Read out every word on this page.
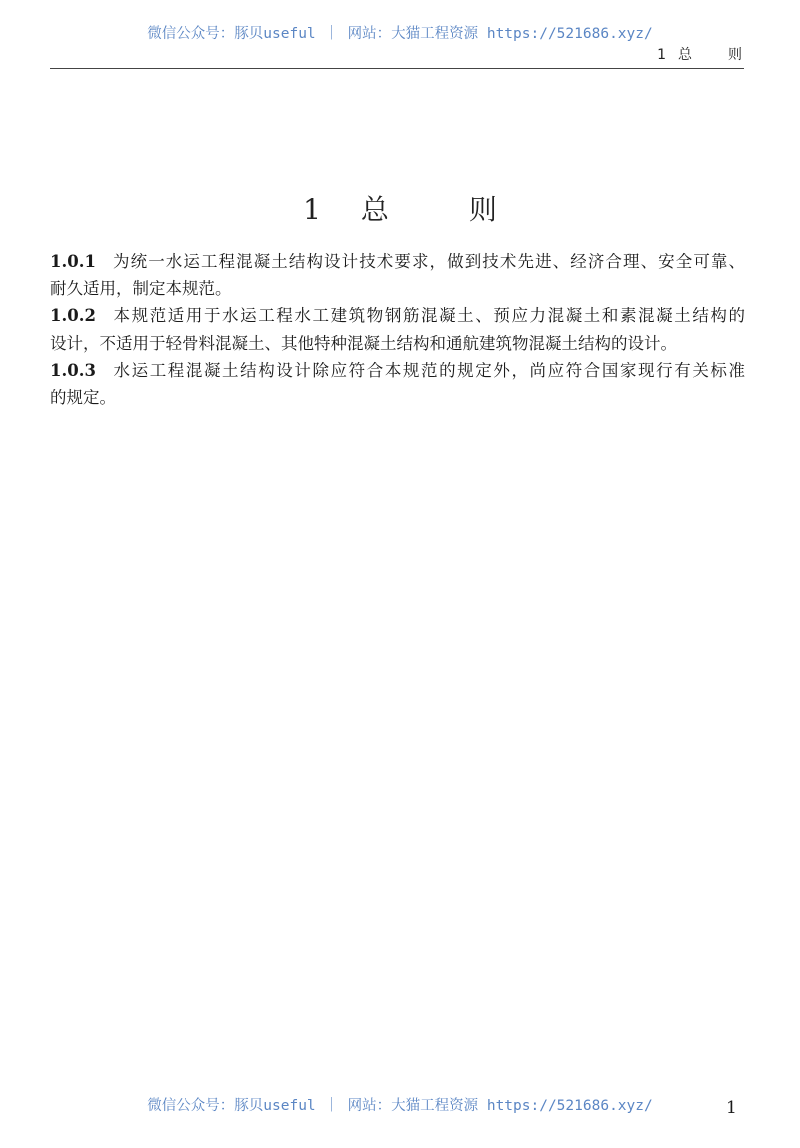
微信公众号：豚贝useful ｜ 网站：大猫工程资源 https://521686.xyz/
1 总	则
1 总	则
1.0.1 为统一水运工程混凝土结构设计技术要求，做到技术先进、经济合理、安全可靠、
耐久适用，制定本规范。
1.0.2 本规范适用于水运工程水工建筑物钢筋混凝土、预应力混凝土和素混凝土结构的
设计，不适用于轻骨料混凝土、其他特种混凝土结构和通航建筑物混凝土结构的设计。
1.0.3 水运工程混凝土结构设计除应符合本规范的规定外，尚应符合国家现行有关标准
的规定。
微信公众号：豚贝useful ｜ 网站：大猫工程资源 https://521686.xyz/	1
